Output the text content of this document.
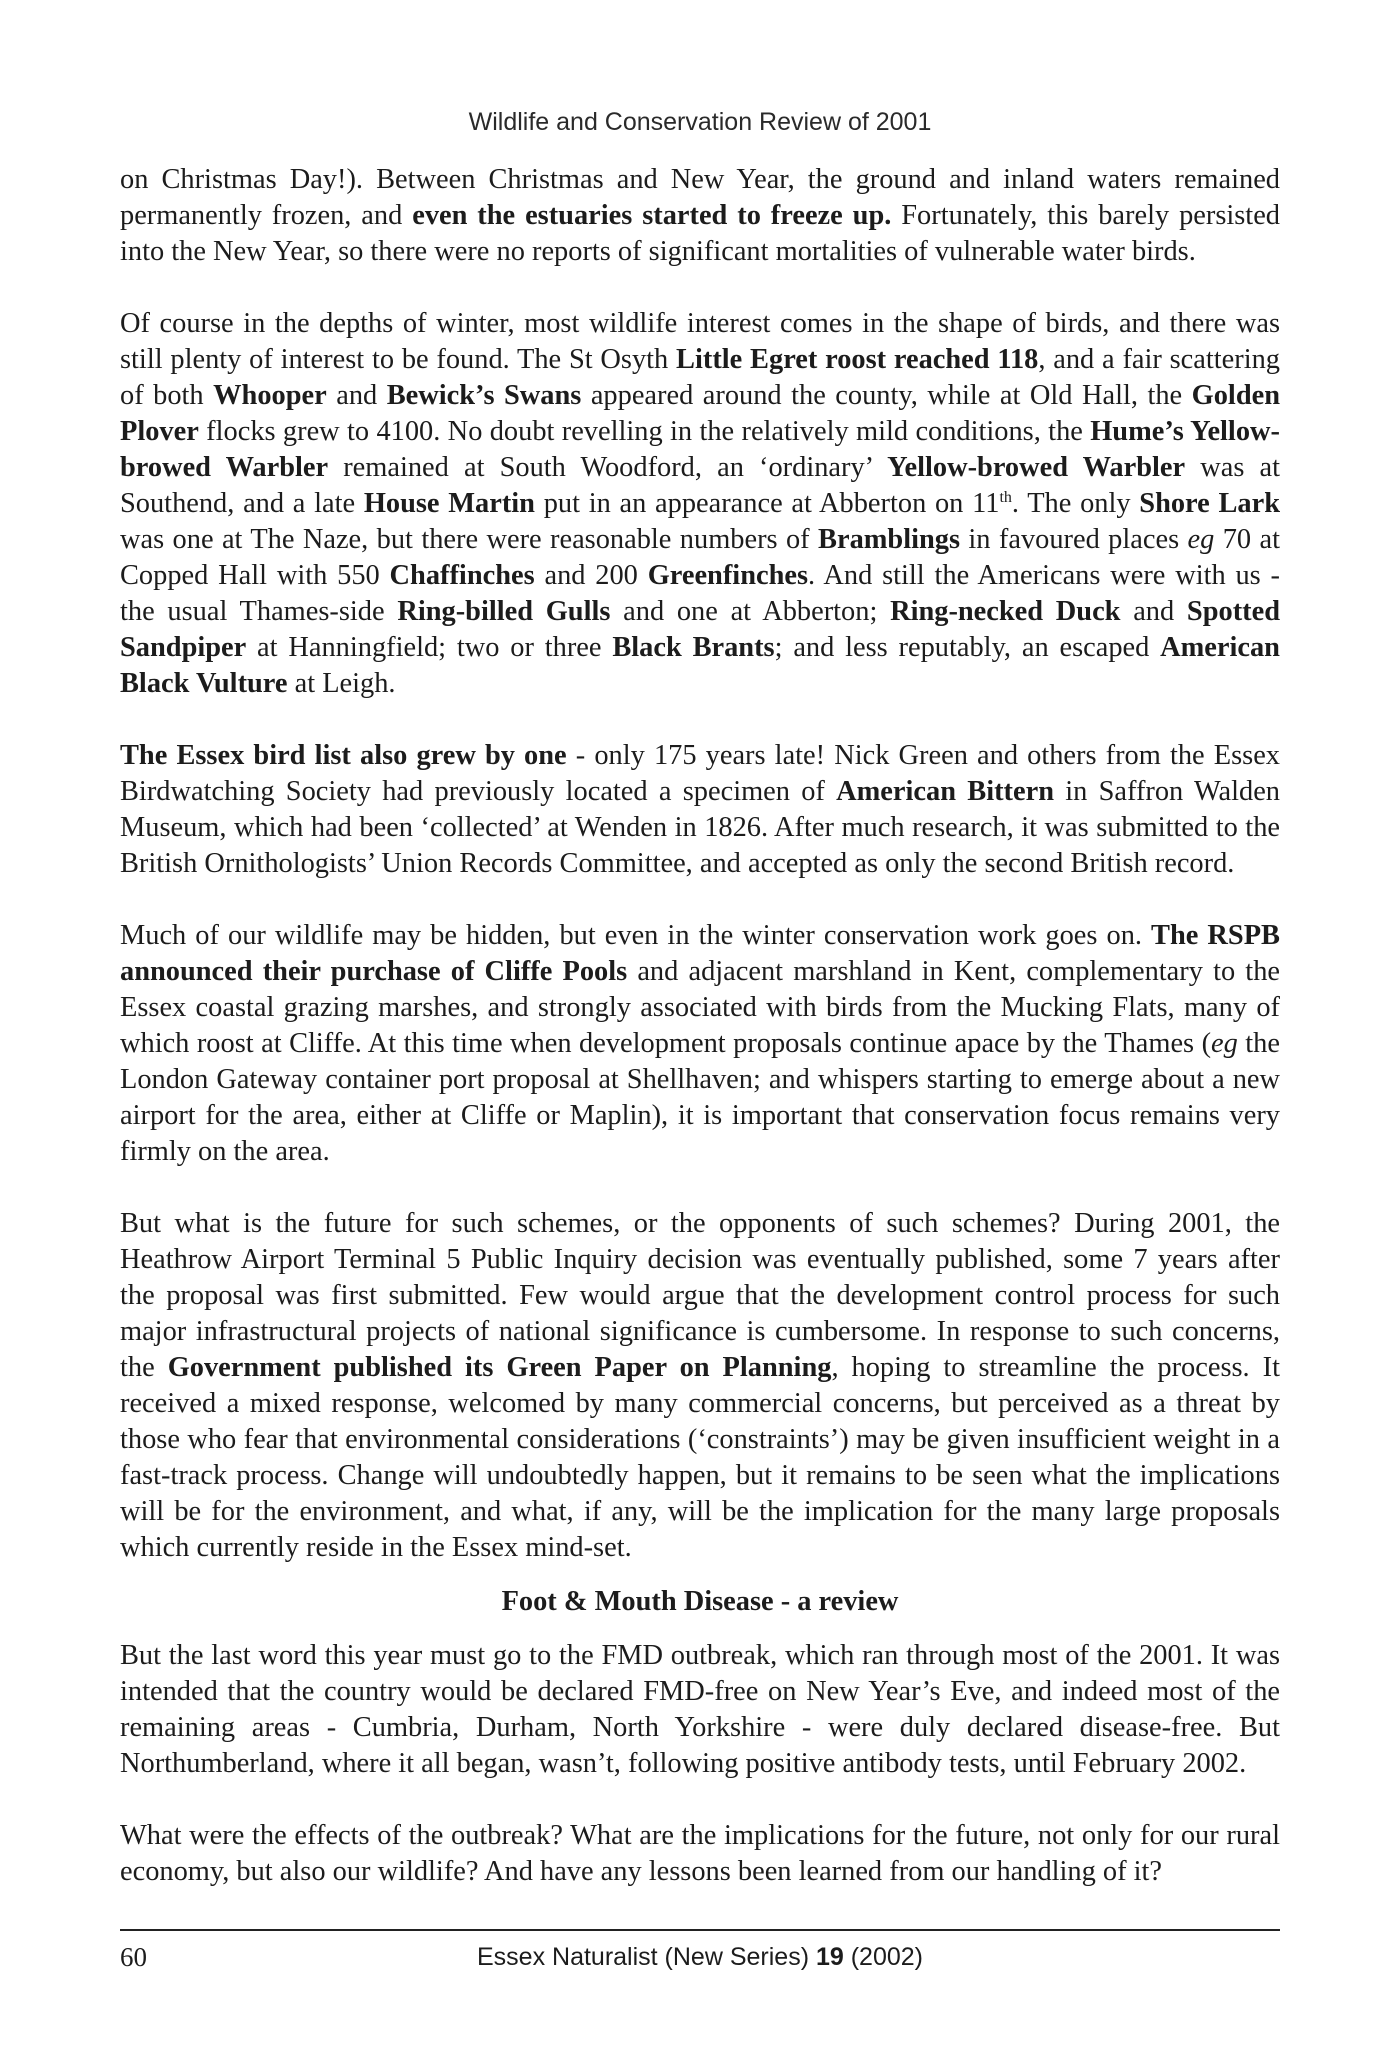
Wildlife and Conservation Review of 2001

on Christmas Day!). Between Christmas and New Year, the ground and inland waters remained permanently frozen, and even the estuaries started to freeze up. Fortunately, this barely persisted into the New Year, so there were no reports of significant mortalities of vulnerable water birds.

Of course in the depths of winter, most wildlife interest comes in the shape of birds, and there was still plenty of interest to be found. The St Osyth Little Egret roost reached 118, and a fair scattering of both Whooper and Bewick’s Swans appeared around the county, while at Old Hall, the Golden Plover flocks grew to 4100. No doubt revelling in the relatively mild conditions, the Hume’s Yellow-browed Warbler remained at South Woodford, an ‘ordinary’ Yellow-browed Warbler was at Southend, and a late House Martin put in an appearance at Abberton on 11th. The only Shore Lark was one at The Naze, but there were reasonable numbers of Bramblings in favoured places eg 70 at Copped Hall with 550 Chaffinches and 200 Greenfinches. And still the Americans were with us - the usual Thames-side Ring-billed Gulls and one at Abberton; Ring-necked Duck and Spotted Sandpiper at Hanningfield; two or three Black Brants; and less reputably, an escaped American Black Vulture at Leigh.

The Essex bird list also grew by one - only 175 years late! Nick Green and others from the Essex Birdwatching Society had previously located a specimen of American Bittern in Saffron Walden Museum, which had been ‘collected’ at Wenden in 1826. After much research, it was submitted to the British Ornithologists’ Union Records Committee, and accepted as only the second British record.

Much of our wildlife may be hidden, but even in the winter conservation work goes on. The RSPB announced their purchase of Cliffe Pools and adjacent marshland in Kent, complementary to the Essex coastal grazing marshes, and strongly associated with birds from the Mucking Flats, many of which roost at Cliffe. At this time when development proposals continue apace by the Thames (eg the London Gateway container port proposal at Shellhaven; and whispers starting to emerge about a new airport for the area, either at Cliffe or Maplin), it is important that conservation focus remains very firmly on the area.

But what is the future for such schemes, or the opponents of such schemes? During 2001, the Heathrow Airport Terminal 5 Public Inquiry decision was eventually published, some 7 years after the proposal was first submitted. Few would argue that the development control process for such major infrastructural projects of national significance is cumbersome. In response to such concerns, the Government published its Green Paper on Planning, hoping to streamline the process. It received a mixed response, welcomed by many commercial concerns, but perceived as a threat by those who fear that environmental considerations (‘constraints’) may be given insufficient weight in a fast-track process. Change will undoubtedly happen, but it remains to be seen what the implications will be for the environment, and what, if any, will be the implication for the many large proposals which currently reside in the Essex mind-set.

Foot & Mouth Disease - a review

But the last word this year must go to the FMD outbreak, which ran through most of the 2001. It was intended that the country would be declared FMD-free on New Year’s Eve, and indeed most of the remaining areas - Cumbria, Durham, North Yorkshire - were duly declared disease-free. But Northumberland, where it all began, wasn’t, following positive antibody tests, until February 2002.

What were the effects of the outbreak? What are the implications for the future, not only for our rural economy, but also our wildlife? And have any lessons been learned from our handling of it?

60	Essex Naturalist (New Series) 19 (2002)
